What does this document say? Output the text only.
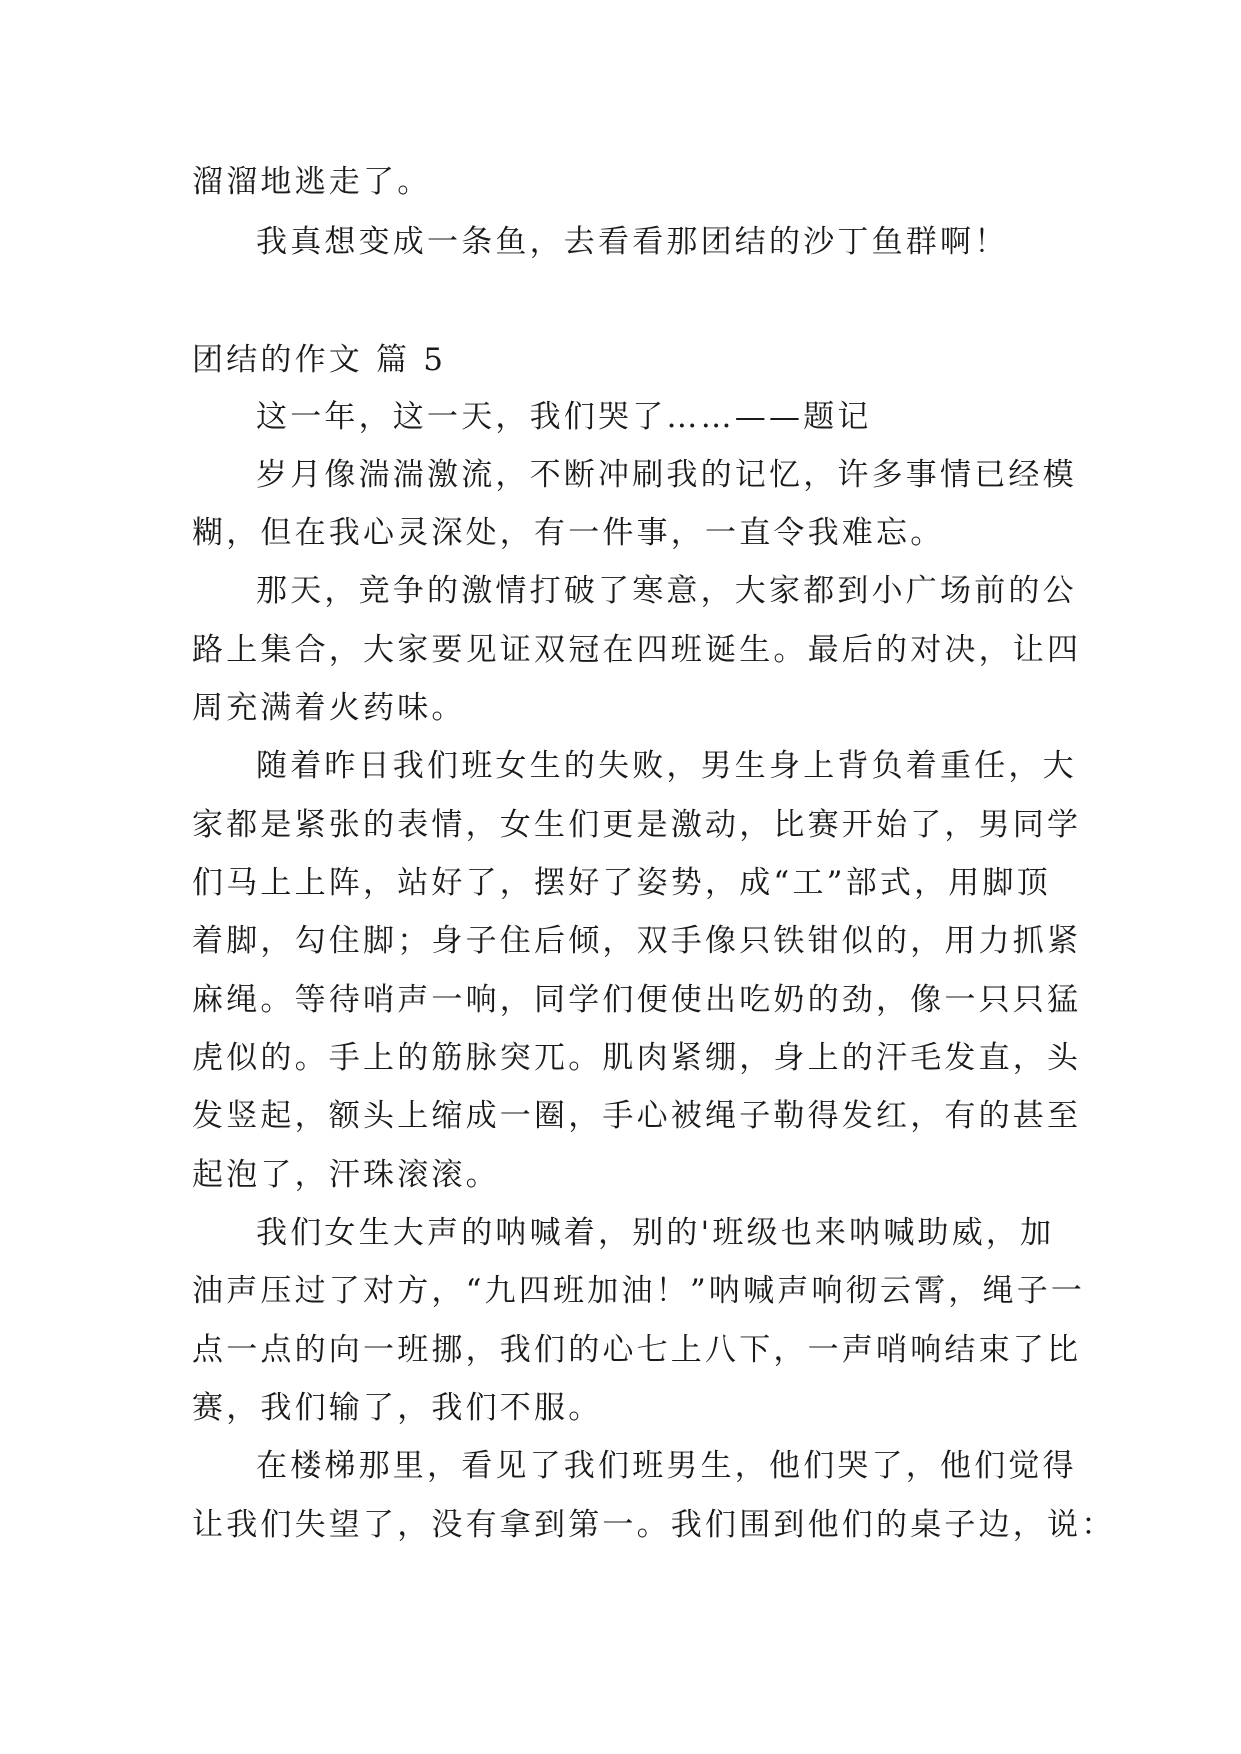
溜溜地逃走了。
我真想变成一条鱼，去看看那团结的沙丁鱼群啊！
团结的作文 篇 5
这一年，这一天，我们哭了……——题记
岁月像湍湍激流，不断冲刷我的记忆，许多事情已经模
糊，但在我心灵深处，有一件事，一直令我难忘。
那天，竞争的激情打破了寒意，大家都到小广场前的公
路上集合，大家要见证双冠在四班诞生。最后的对决，让四
周充满着火药味。
随着昨日我们班女生的失败，男生身上背负着重任，大
家都是紧张的表情，女生们更是激动，比赛开始了，男同学
们马上上阵，站好了，摆好了姿势，成“工”部式，用脚顶
着脚，勾住脚；身子住后倾，双手像只铁钳似的，用力抓紧
麻绳。等待哨声一响，同学们便使出吃奶的劲，像一只只猛
虎似的。手上的筋脉突兀。肌肉紧绷，身上的汗毛发直，头
发竖起，额头上缩成一圈，手心被绳子勒得发红，有的甚至
起泡了，汗珠滚滚。
我们女生大声的呐喊着，别的'班级也来呐喊助威，加
油声压过了对方，“九四班加油！”呐喊声响彻云霄，绳子一
点一点的向一班挪，我们的心七上八下，一声哨响结束了比
赛，我们输了，我们不服。
在楼梯那里，看见了我们班男生，他们哭了，他们觉得
让我们失望了，没有拿到第一。我们围到他们的桌子边，说：
